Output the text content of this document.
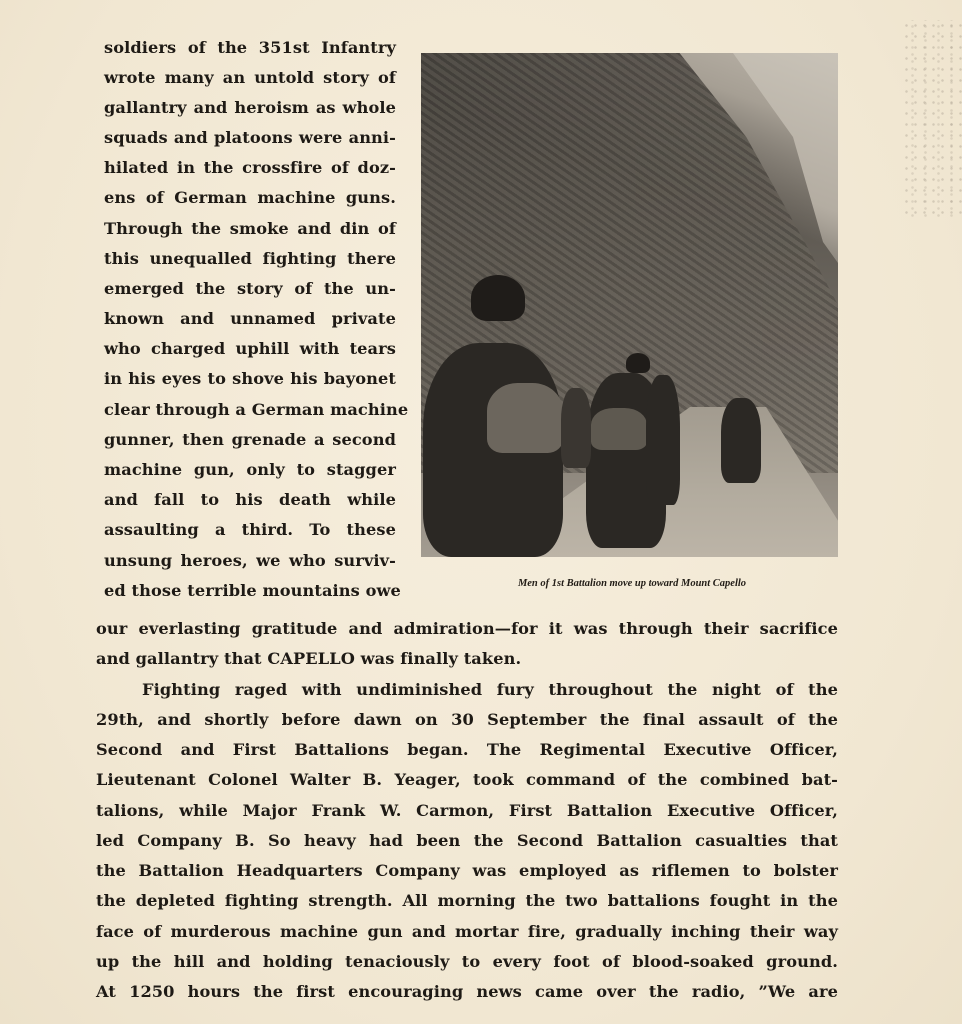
soldiers of the 351st Infantry
wrote many an untold story of
gallantry and heroism as whole
squads and platoons were anni-
hilated in the crossfire of doz-
ens of German machine guns.
Through the smoke and din of
this unequalled fighting there
emerged the story of the un-
known and unnamed private
who charged uphill with tears
in his eyes to shove his bayonet
clear through a German machine
gunner, then grenade a second
machine gun, only to stagger
and fall to his death while
assaulting a third. To these
unsung heroes, we who surviv-
ed those terrible mountains owe	Men of 1st Battalion move up toward Mount Capello
our everlasting gratitude and admiration—for it was through their sacrifice
and gallantry that CAPELLO was finally taken.
Fighting raged with undiminished fury throughout the night of the
29th, and shortly before dawn on 30 September the final assault of the
Second and First Battalions began. The Regimental Executive Officer,
Lieutenant Colonel Walter B. Yeager, took command of the combined bat-
talions, while Major Frank W. Carmon, First Battalion Executive Officer,
led Company B. So heavy had been the Second Battalion casualties that
the Battalion Headquarters Company was employed as riflemen to bolster
the depleted fighting strength. All morning the two battalions fought in the
face of murderous machine gun and mortar fire, gradually inching their way
up the hill and holding tenaciously to every foot of blood-soaked ground.
At 1250 hours the first encouraging news came over the radio, ”We are
